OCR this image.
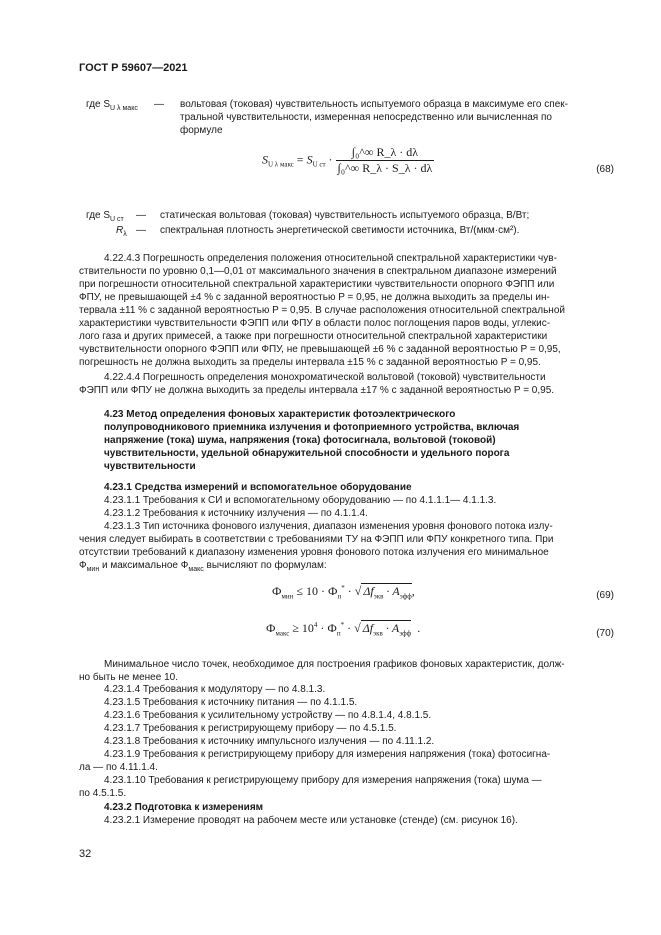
ГОСТ Р 59607—2021
где $S_{U \lambda макс}$	— вольтовая (токовая) чувствительность испытуемого образца в максимуме его спек-
тральной чувствительности, измеренная непосредственно или вычисленная по
формуле
$S_{U \lambda макс} = S_{U ст} \cdot \frac{\text{∫₀\textasciicircum{}∞ R\_λ · dλ}}{\text{∫₀\textasciicircum{}∞ R\_λ · S\_λ · dλ}}$	(68)
где $S_{U ст}$ — статическая вольтовая (токовая) чувствительность испытуемого образца, В/Вт;
$R_\lambda$ — спектральная плотность энергетической светимости источника, Вт/(мкм·см²).
4.22.4.3 Погрешность определения положения относительной спектральной характеристики чув-
ствительности по уровню 0,1—0,01 от максимального значения в спектральном диапазоне измерений
при погрешности относительной спектральной характеристики чувствительности опорного ФЭПП или
ФПУ, не превышающей ±4 % с заданной вероятностью P = 0,95, не должна выходить за пределы ин-
тервала ±11 % с заданной вероятностью P = 0,95. В случае расположения относительной спектральной
характеристики чувствительности ФЭПП или ФПУ в области полос поглощения паров воды, углекис-
лого газа и других примесей, а также при погрешности относительной спектральной характеристики
чувствительности опорного ФЭПП или ФПУ, не превышающей ±6 % с заданной вероятностью P = 0,95,
погрешность не должна выходить за пределы интервала ±15 % с заданной вероятностью P = 0,95.
4.22.4.4 Погрешность определения монохроматической вольтовой (токовой) чувствительности
ФЭПП или ФПУ не должна выходить за пределы интервала ±17 % с заданной вероятностью P = 0,95.
4.23 Метод определения фоновых характеристик фотоэлектрического
полупроводникового приемника излучения и фотоприемного устройства, включая
напряжение (тока) шума, напряжения (тока) фотосигнала, вольтовой (токовой)
чувствительности, удельной обнаружительной способности и удельного порога
чувствительности
4.23.1 Средства измерений и вспомогательное оборудование
4.23.1.1 Требования к СИ и вспомогательному оборудованию — по 4.1.1.1— 4.1.1.3.
4.23.1.2 Требования к источнику излучения — по 4.1.1.4.
4.23.1.3 Тип источника фонового излучения, диапазон изменения уровня фонового потока излу-
чения следует выбирать в соответствии с требованиями ТУ на ФЭПП или ФПУ конкретного типа. При
отсутствии требований к диапазону изменения уровня фонового потока излучения его минимальное
$Ф_{мин}$ и максимальное $Ф_{макс}$ вычисляют по формулам:
$Ф_{мин} \le 10 \cdot Ф_п^*$ · √ $\Delta f_{экв} \cdot A_{эфф}$,	(69)
$Ф_{макс} \ge 10^4 \cdot Ф_п^*$ · √ $\Delta f_{экв} \cdot A_{эфф}$ .	(70)
Минимальное число точек, необходимое для построения графиков фоновых характеристик, долж-
но быть не менее 10.
4.23.1.4 Требования к модулятору — по 4.8.1.3.
4.23.1.5 Требования к источнику питания — по 4.1.1.5.
4.23.1.6 Требования к усилительному устройству — по 4.8.1.4, 4.8.1.5.
4.23.1.7 Требования к регистрирующему прибору — по 4.5.1.5.
4.23.1.8 Требования к источнику импульсного излучения — по 4.11.1.2.
4.23.1.9 Требования к регистрирующему прибору для измерения напряжения (тока) фотосигна-
ла — по 4.11.1.4.
4.23.1.10 Требования к регистрирующему прибору для измерения напряжения (тока) шума —
по 4.5.1.5.
4.23.2 Подготовка к измерениям
4.23.2.1 Измерение проводят на рабочем месте или установке (стенде) (см. рисунок 16).
32
